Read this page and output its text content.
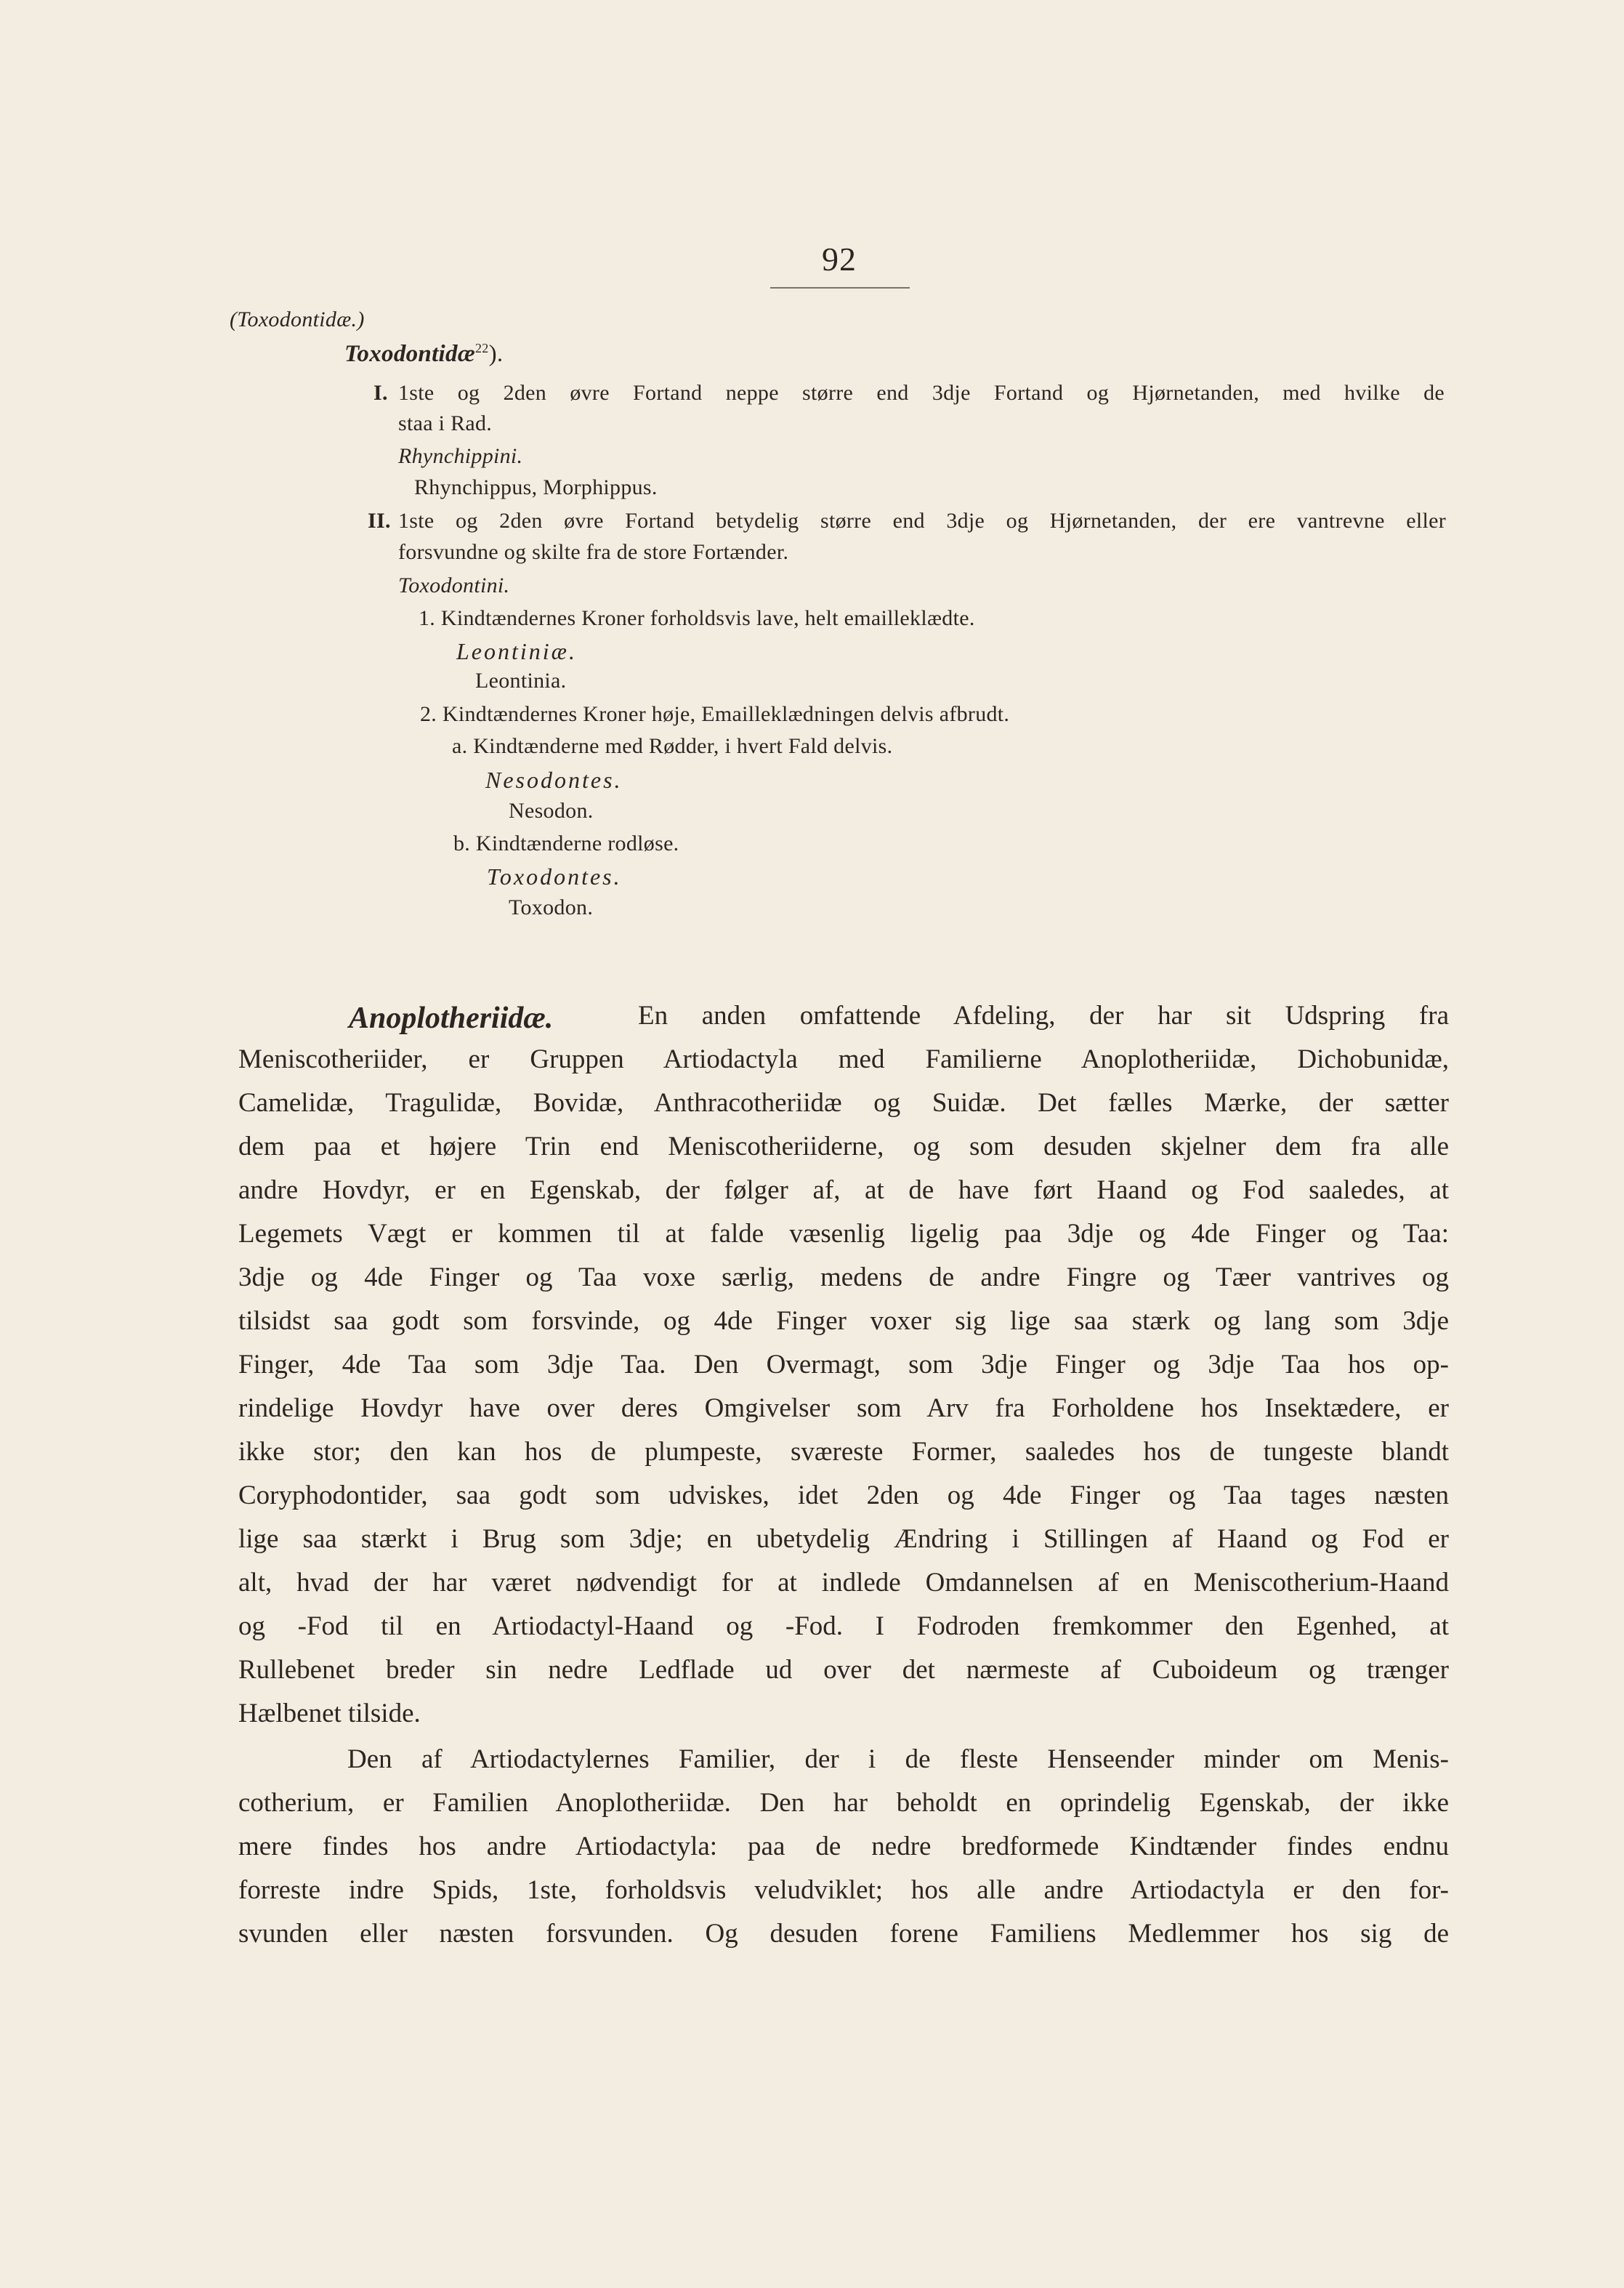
92
(Toxodontidæ.)
Toxodontidæ$^{22}$).
I. 1ste og 2den øvre Fortand neppe større end 3dje Fortand og Hjørnetanden, med hvilke de
staa i Rad.
Rhynchippini.
Rhynchippus, Morphippus.
II. 1ste og 2den øvre Fortand betydelig større end 3dje og Hjørnetanden, der ere vantrevne eller
forsvundne og skilte fra de store Fortænder.
Toxodontini.
1. Kindtændernes Kroner forholdsvis lave, helt emailleklædte.
Leontiniæ.
Leontinia.
2. Kindtændernes Kroner høje, Emailleklædningen delvis afbrudt.
a. Kindtænderne med Rødder, i hvert Fald delvis.
Nesodontes.
Nesodon.
b. Kindtænderne rodløse.
Toxodontes.
Toxodon.
Anoplotheriidæ.	En anden omfattende Afdeling, der har sit Udspring fra
Meniscotheriider, er Gruppen Artiodactyla med Familierne Anoplotheriidæ, Dichobunidæ,
Camelidæ, Tragulidæ, Bovidæ, Anthracotheriidæ og Suidæ. Det fælles Mærke, der sætter
dem paa et højere Trin end Meniscotheriiderne, og som desuden skjelner dem fra alle
andre Hovdyr, er en Egenskab, der følger af, at de have ført Haand og Fod saaledes, at
Legemets Vægt er kommen til at falde væsenlig ligelig paa 3dje og 4de Finger og Taa:
3dje og 4de Finger og Taa voxe særlig, medens de andre Fingre og Tæer vantrives og
tilsidst saa godt som forsvinde, og 4de Finger voxer sig lige saa stærk og lang som 3dje
Finger, 4de Taa som 3dje Taa. Den Overmagt, som 3dje Finger og 3dje Taa hos op-
rindelige Hovdyr have over deres Omgivelser som Arv fra Forholdene hos Insektædere, er
ikke stor; den kan hos de plumpeste, sværeste Former, saaledes hos de tungeste blandt
Coryphodontider, saa godt som udviskes, idet 2den og 4de Finger og Taa tages næsten
lige saa stærkt i Brug som 3dje; en ubetydelig Ændring i Stillingen af Haand og Fod er
alt, hvad der har været nødvendigt for at indlede Omdannelsen af en Meniscotherium-Haand
og -Fod til en Artiodactyl-Haand og -Fod. I Fodroden fremkommer den Egenhed, at
Rullebenet breder sin nedre Ledflade ud over det nærmeste af Cuboideum og trænger
Hælbenet tilside.
Den af Artiodactylernes Familier, der i de fleste Henseender minder om Menis-
cotherium, er Familien Anoplotheriidæ. Den har beholdt en oprindelig Egenskab, der ikke
mere findes hos andre Artiodactyla: paa de nedre bredformede Kindtænder findes endnu
forreste indre Spids, 1ste, forholdsvis veludviklet; hos alle andre Artiodactyla er den for-
svunden eller næsten forsvunden. Og desuden forene Familiens Medlemmer hos sig de
